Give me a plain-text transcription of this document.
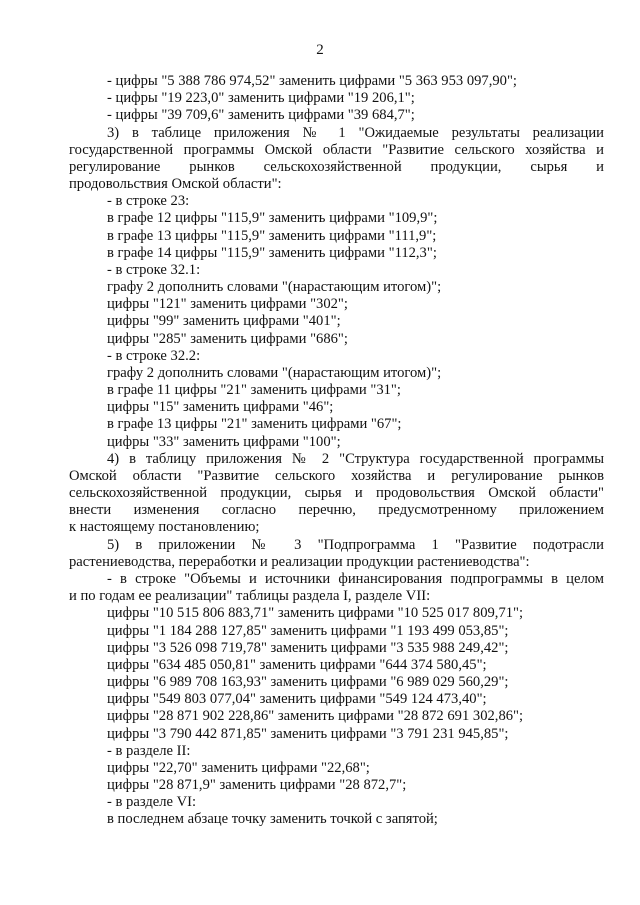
2
- цифры "5 388 786 974,52" заменить цифрами "5 363 953 097,90";
- цифры "19 223,0" заменить цифрами "19 206,1";
- цифры "39 709,6" заменить цифрами "39 684,7";
3) в таблице приложения № 1 "Ожидаемые результаты реализации
государственной программы Омской области "Развитие сельского хозяйства и
регулирование рынков сельскохозяйственной продукции, сырья и
продовольствия Омской области":
- в строке 23:
в графе 12 цифры "115,9" заменить цифрами "109,9";
в графе 13 цифры "115,9" заменить цифрами "111,9";
в графе 14 цифры "115,9" заменить цифрами "112,3";
- в строке 32.1:
графу 2 дополнить словами "(нарастающим итогом)";
цифры "121" заменить цифрами "302";
цифры "99" заменить цифрами "401";
цифры "285" заменить цифрами "686";
- в строке 32.2:
графу 2 дополнить словами "(нарастающим итогом)";
в графе 11 цифры "21" заменить цифрами "31";
цифры "15" заменить цифрами "46";
в графе 13 цифры "21" заменить цифрами "67";
цифры "33" заменить цифрами "100";
4) в таблицу приложения № 2 "Структура государственной программы
Омской области "Развитие сельского хозяйства и регулирование рынков
сельскохозяйственной продукции, сырья и продовольствия Омской области"
внести изменения согласно перечню, предусмотренному приложением
к настоящему постановлению;
5) в приложении № 3 "Подпрограмма 1 "Развитие подотрасли
растениеводства, переработки и реализации продукции растениеводства":
- в строке "Объемы и источники финансирования подпрограммы в целом
и по годам ее реализации" таблицы раздела I, разделе VII:
цифры "10 515 806 883,71" заменить цифрами "10 525 017 809,71";
цифры "1 184 288 127,85" заменить цифрами "1 193 499 053,85";
цифры "3 526 098 719,78" заменить цифрами "3 535 988 249,42";
цифры "634 485 050,81" заменить цифрами "644 374 580,45";
цифры "6 989 708 163,93" заменить цифрами "6 989 029 560,29";
цифры "549 803 077,04" заменить цифрами "549 124 473,40";
цифры "28 871 902 228,86" заменить цифрами "28 872 691 302,86";
цифры "3 790 442 871,85" заменить цифрами "3 791 231 945,85";
- в разделе II:
цифры "22,70" заменить цифрами "22,68";
цифры "28 871,9" заменить цифрами "28 872,7";
- в разделе VI:
в последнем абзаце точку заменить точкой с запятой;
